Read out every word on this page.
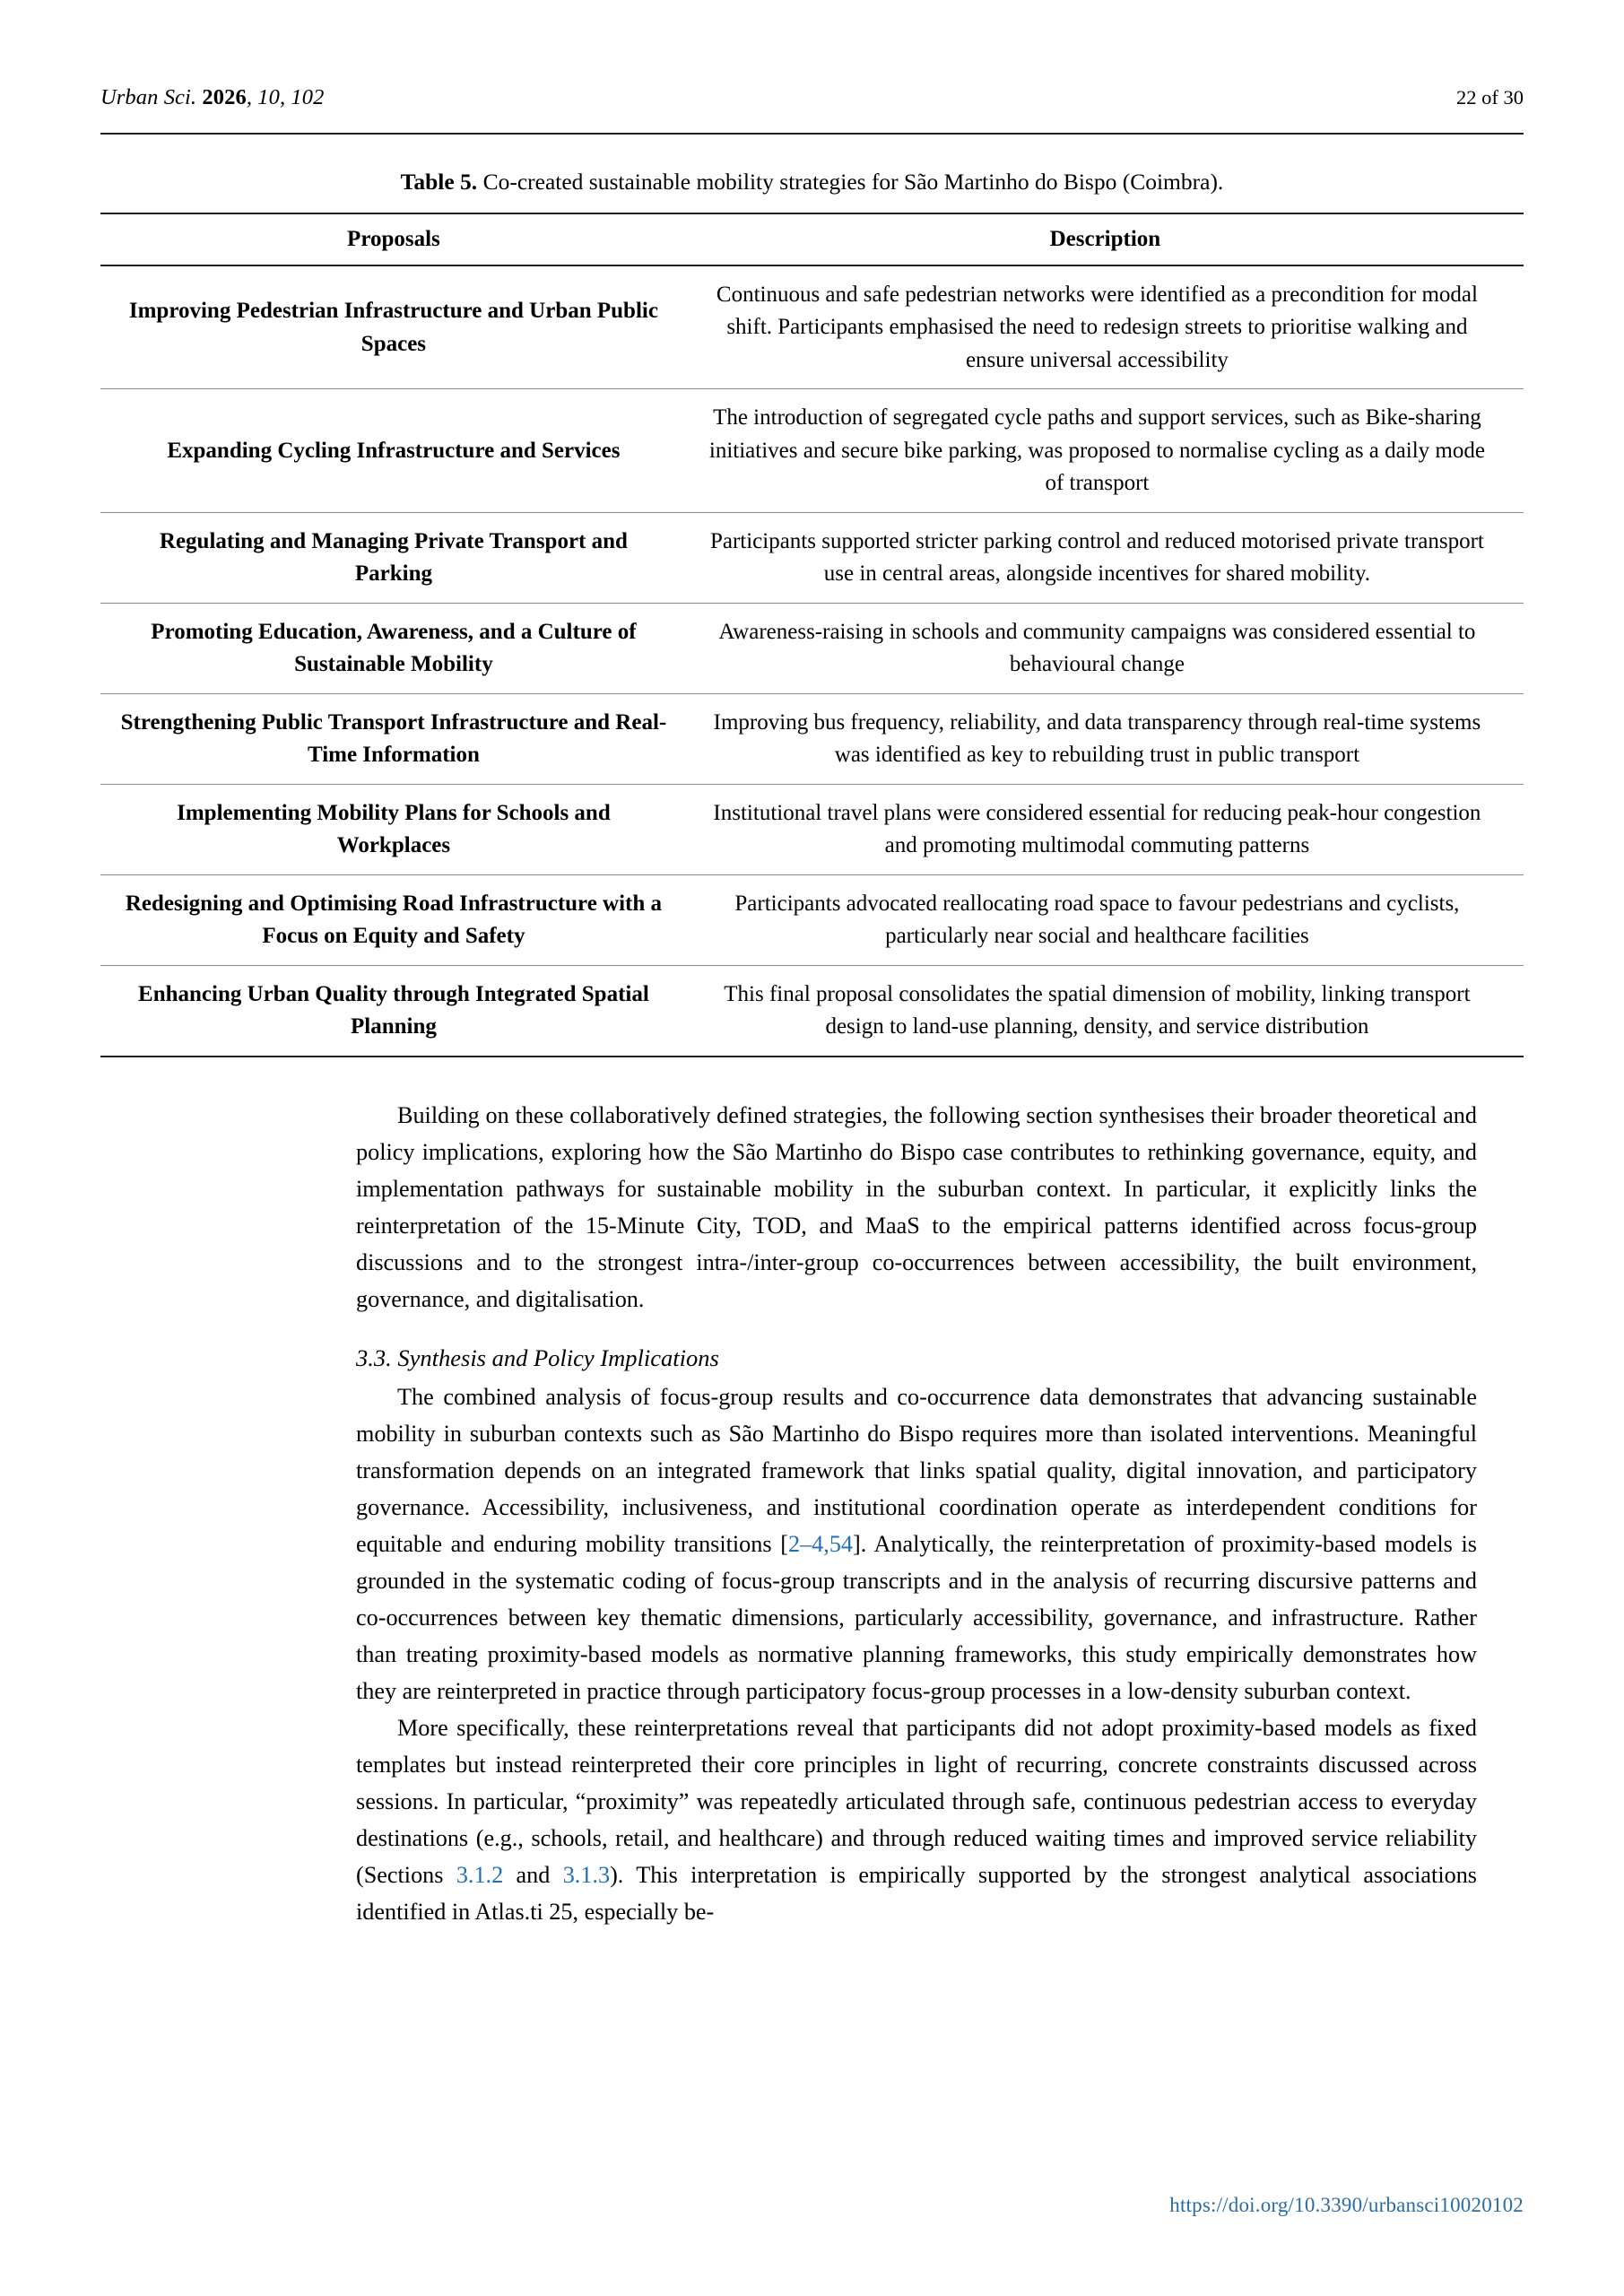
Urban Sci. 2026, 10, 102	22 of 30
Table 5. Co-created sustainable mobility strategies for São Martinho do Bispo (Coimbra).
Proposals	Description
Improving Pedestrian Infrastructure and Urban Public Spaces	Continuous and safe pedestrian networks were identified as a precondition for modal shift. Participants emphasised the need to redesign streets to prioritise walking and ensure universal accessibility
Expanding Cycling Infrastructure and Services	The introduction of segregated cycle paths and support services, such as Bike-sharing initiatives and secure bike parking, was proposed to normalise cycling as a daily mode of transport
Regulating and Managing Private Transport and Parking	Participants supported stricter parking control and reduced motorised private transport use in central areas, alongside incentives for shared mobility.
Promoting Education, Awareness, and a Culture of Sustainable Mobility	Awareness-raising in schools and community campaigns was considered essential to behavioural change
Strengthening Public Transport Infrastructure and Real-Time Information	Improving bus frequency, reliability, and data transparency through real-time systems was identified as key to rebuilding trust in public transport
Implementing Mobility Plans for Schools and Workplaces	Institutional travel plans were considered essential for reducing peak-hour congestion and promoting multimodal commuting patterns
Redesigning and Optimising Road Infrastructure with a Focus on Equity and Safety	Participants advocated reallocating road space to favour pedestrians and cyclists, particularly near social and healthcare facilities
Enhancing Urban Quality through Integrated Spatial Planning	This final proposal consolidates the spatial dimension of mobility, linking transport design to land-use planning, density, and service distribution

Building on these collaboratively defined strategies, the following section synthesises their broader theoretical and policy implications, exploring how the São Martinho do Bispo case contributes to rethinking governance, equity, and implementation pathways for sustainable mobility in the suburban context. In particular, it explicitly links the reinterpretation of the 15-Minute City, TOD, and MaaS to the empirical patterns identified across focus-group discussions and to the strongest intra-/inter-group co-occurrences between accessibility, the built environment, governance, and digitalisation.

3.3. Synthesis and Policy Implications

The combined analysis of focus-group results and co-occurrence data demonstrates that advancing sustainable mobility in suburban contexts such as São Martinho do Bispo requires more than isolated interventions. Meaningful transformation depends on an integrated framework that links spatial quality, digital innovation, and participatory governance. Accessibility, inclusiveness, and institutional coordination operate as interdependent conditions for equitable and enduring mobility transitions [2–4,54]. Analytically, the reinterpretation of proximity-based models is grounded in the systematic coding of focus-group transcripts and in the analysis of recurring discursive patterns and co-occurrences between key thematic dimensions, particularly accessibility, governance, and infrastructure. Rather than treating proximity-based models as normative planning frameworks, this study empirically demonstrates how they are reinterpreted in practice through participatory focus-group processes in a low-density suburban context.

More specifically, these reinterpretations reveal that participants did not adopt proximity-based models as fixed templates but instead reinterpreted their core principles in light of recurring, concrete constraints discussed across sessions. In particular, “proximity” was repeatedly articulated through safe, continuous pedestrian access to everyday destinations (e.g., schools, retail, and healthcare) and through reduced waiting times and improved service reliability (Sections 3.1.2 and 3.1.3). This interpretation is empirically supported by the strongest analytical associations identified in Atlas.ti 25, especially be-

https://doi.org/10.3390/urbansci10020102
